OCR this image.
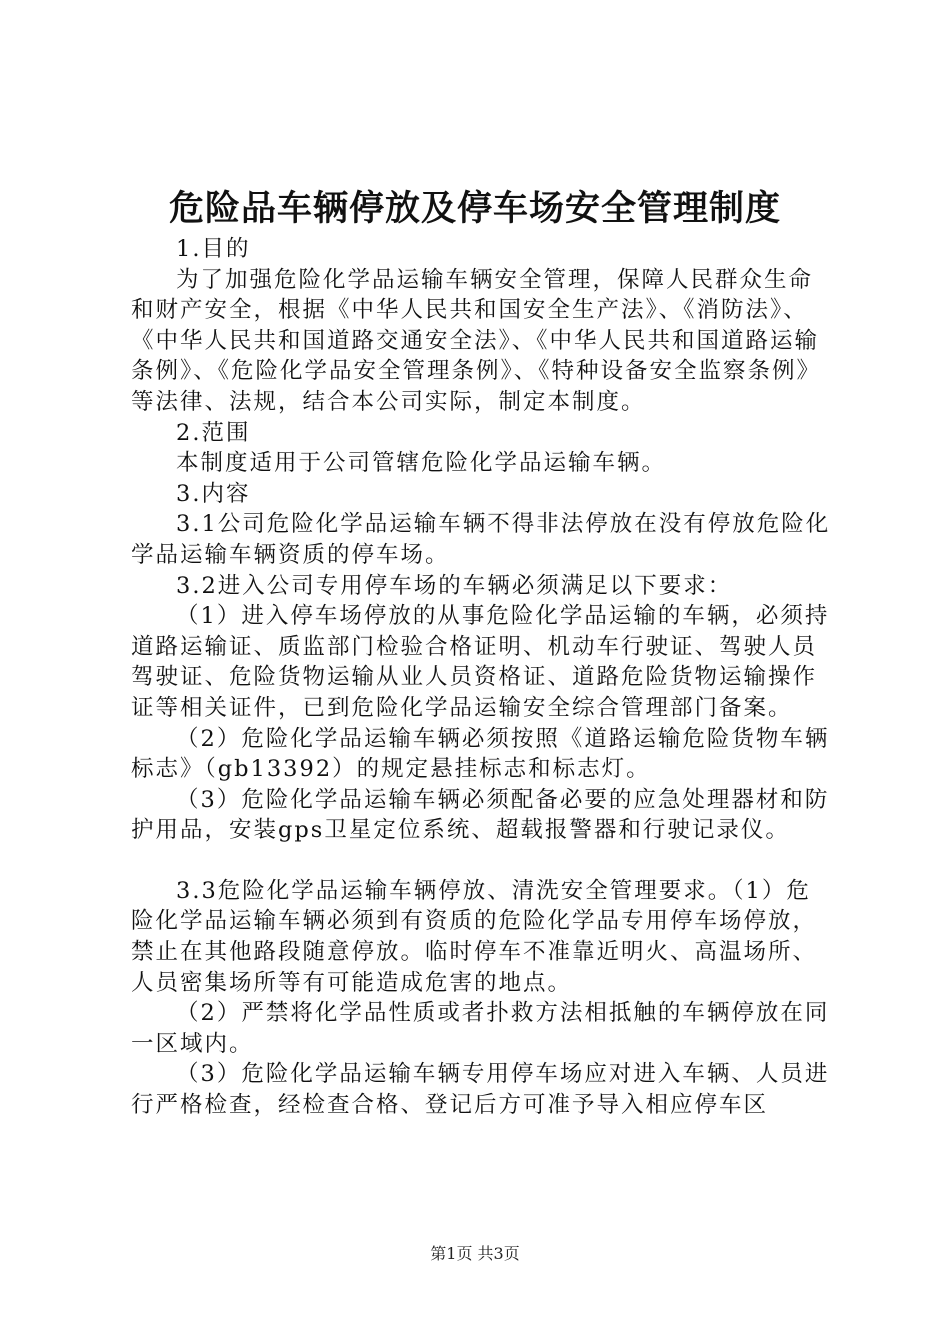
危险品车辆停放及停车场安全管理制度

1.目的

为了加强危险化学品运输车辆安全管理，保障人民群众生命和财产安全，根据《中华人民共和国安全生产法》、《消防法》、《中华人民共和国道路交通安全法》、《中华人民共和国道路运输条例》、《危险化学品安全管理条例》、《特种设备安全监察条例》等法律、法规，结合本公司实际，制定本制度。

2.范围

本制度适用于公司管辖危险化学品运输车辆。

3.内容

3.1公司危险化学品运输车辆不得非法停放在没有停放危险化学品运输车辆资质的停车场。

3.2进入公司专用停车场的车辆必须满足以下要求：

（1）进入停车场停放的从事危险化学品运输的车辆，必须持道路运输证、质监部门检验合格证明、机动车行驶证、驾驶人员驾驶证、危险货物运输从业人员资格证、道路危险货物运输操作证等相关证件，已到危险化学品运输安全综合管理部门备案。

（2）危险化学品运输车辆必须按照《道路运输危险货物车辆标志》（gb13392）的规定悬挂标志和标志灯。

（3）危险化学品运输车辆必须配备必要的应急处理器材和防护用品，安装gps卫星定位系统、超载报警器和行驶记录仪。

3.3危险化学品运输车辆停放、清洗安全管理要求。（1）危险化学品运输车辆必须到有资质的危险化学品专用停车场停放，禁止在其他路段随意停放。临时停车不准靠近明火、高温场所、人员密集场所等有可能造成危害的地点。

（2）严禁将化学品性质或者扑救方法相抵触的车辆停放在同一区域内。

（3）危险化学品运输车辆专用停车场应对进入车辆、人员进行严格检查，经检查合格、登记后方可准予导入相应停车区

第1页 共3页
